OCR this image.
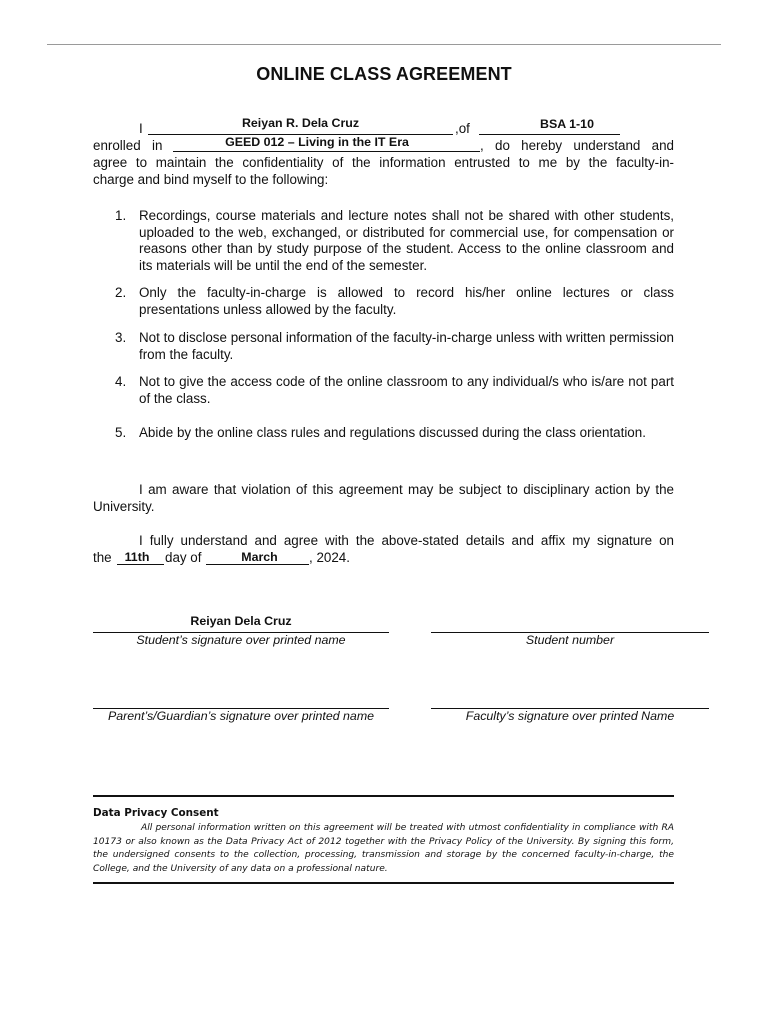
ONLINE CLASS AGREEMENT
I	Reiyan R. Dela Cruz	,of	BSA 1-10
enrolled in	GEED 012 – Living in the IT Era	, do hereby understand and
agree to maintain the confidentiality of the information entrusted to me by the faculty-in-
charge and bind myself to the following:
1. Recordings, course materials and lecture notes shall not be shared with other students, uploaded to the web, exchanged, or distributed for commercial use, for compensation or reasons other than by study purpose of the student. Access to the online classroom and its materials will be until the end of the semester.
2. Only the faculty-in-charge is allowed to record his/her online lectures or class presentations unless allowed by the faculty.
3. Not to disclose personal information of the faculty-in-charge unless with written permission from the faculty.
4. Not to give the access code of the online classroom to any individual/s who is/are not part of the class.
5. Abide by the online class rules and regulations discussed during the class orientation.
I am aware that violation of this agreement may be subject to disciplinary action by the University.
I fully understand and agree with the above-stated details and affix my signature on
the	11th	day of	March	, 2024.
Reiyan Dela Cruz
Student’s signature over printed name	Student number
Parent’s/Guardian’s signature over printed name	Faculty’s signature over printed Name
Data Privacy Consent
All personal information written on this agreement will be treated with utmost confidentiality in compliance with RA 10173 or also known as the Data Privacy Act of 2012 together with the Privacy Policy of the University. By signing this form, the undersigned consents to the collection, processing, transmission and storage by the concerned faculty-in-charge, the College, and the University of any data on a professional nature.
